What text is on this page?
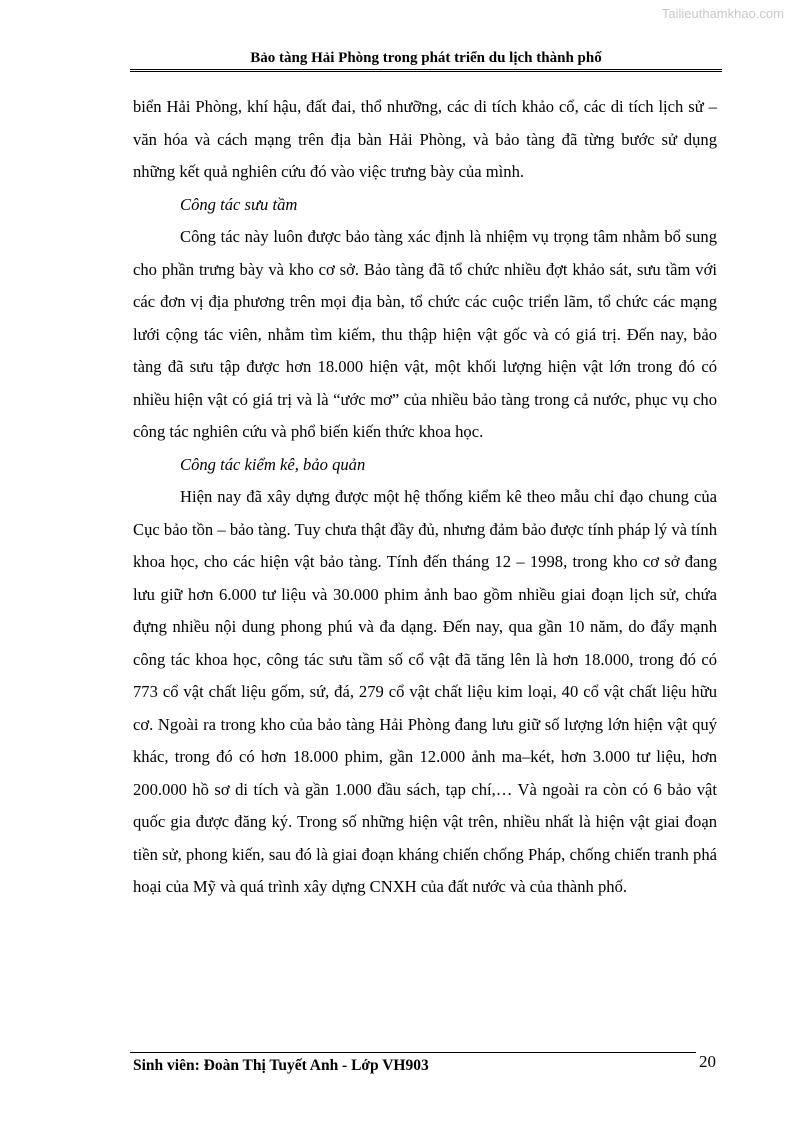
Tailieuthamkhao.com
Bảo tàng Hải Phòng trong phát triển du lịch thành phố

biển Hải Phòng, khí hậu, đất đai, thổ nhưỡng, các di tích khảo cổ, các di tích lịch sử – văn hóa và cách mạng trên địa bàn Hải Phòng, và bảo tàng đã từng bước sử dụng những kết quả nghiên cứu đó vào việc trưng bày của mình.

Công tác sưu tầm

Công tác này luôn được bảo tàng xác định là nhiệm vụ trọng tâm nhằm bổ sung cho phần trưng bày và kho cơ sở. Bảo tàng đã tổ chức nhiều đợt khảo sát, sưu tầm với các đơn vị địa phương trên mọi địa bàn, tổ chức các cuộc triển lãm, tổ chức các mạng lưới cộng tác viên, nhằm tìm kiếm, thu thập hiện vật gốc và có giá trị. Đến nay, bảo tàng đã sưu tập được hơn 18.000 hiện vật, một khối lượng hiện vật lớn trong đó có nhiều hiện vật có giá trị và là “ước mơ” của nhiều bảo tàng trong cả nước, phục vụ cho công tác nghiên cứu và phổ biến kiến thức khoa học.

Công tác kiểm kê, bảo quản

Hiện nay đã xây dựng được một hệ thống kiểm kê theo mẫu chỉ đạo chung của Cục bảo tồn – bảo tàng. Tuy chưa thật đầy đủ, nhưng đảm bảo được tính pháp lý và tính khoa học, cho các hiện vật bảo tàng. Tính đến tháng 12 – 1998, trong kho cơ sở đang lưu giữ hơn 6.000 tư liệu và 30.000 phim ảnh bao gồm nhiều giai đoạn lịch sử, chứa đựng nhiều nội dung phong phú và đa dạng. Đến nay, qua gần 10 năm, do đẩy mạnh công tác khoa học, công tác sưu tầm số cổ vật đã tăng lên là hơn 18.000, trong đó có 773 cổ vật chất liệu gốm, sứ, đá, 279 cổ vật chất liệu kim loại, 40 cổ vật chất liệu hữu cơ. Ngoài ra trong kho của bảo tàng Hải Phòng đang lưu giữ số lượng lớn hiện vật quý khác, trong đó có hơn 18.000 phim, gần 12.000 ảnh ma–két, hơn 3.000 tư liệu, hơn 200.000 hồ sơ di tích và gần 1.000 đầu sách, tạp chí,… Và ngoài ra còn có 6 bảo vật quốc gia được đăng ký. Trong số những hiện vật trên, nhiều nhất là hiện vật giai đoạn tiền sử, phong kiến, sau đó là giai đoạn kháng chiến chống Pháp, chống chiến tranh phá hoại của Mỹ và quá trình xây dựng CNXH của đất nước và của thành phố.

Sinh viên: Đoàn Thị Tuyết Anh - Lớp VH903	20
